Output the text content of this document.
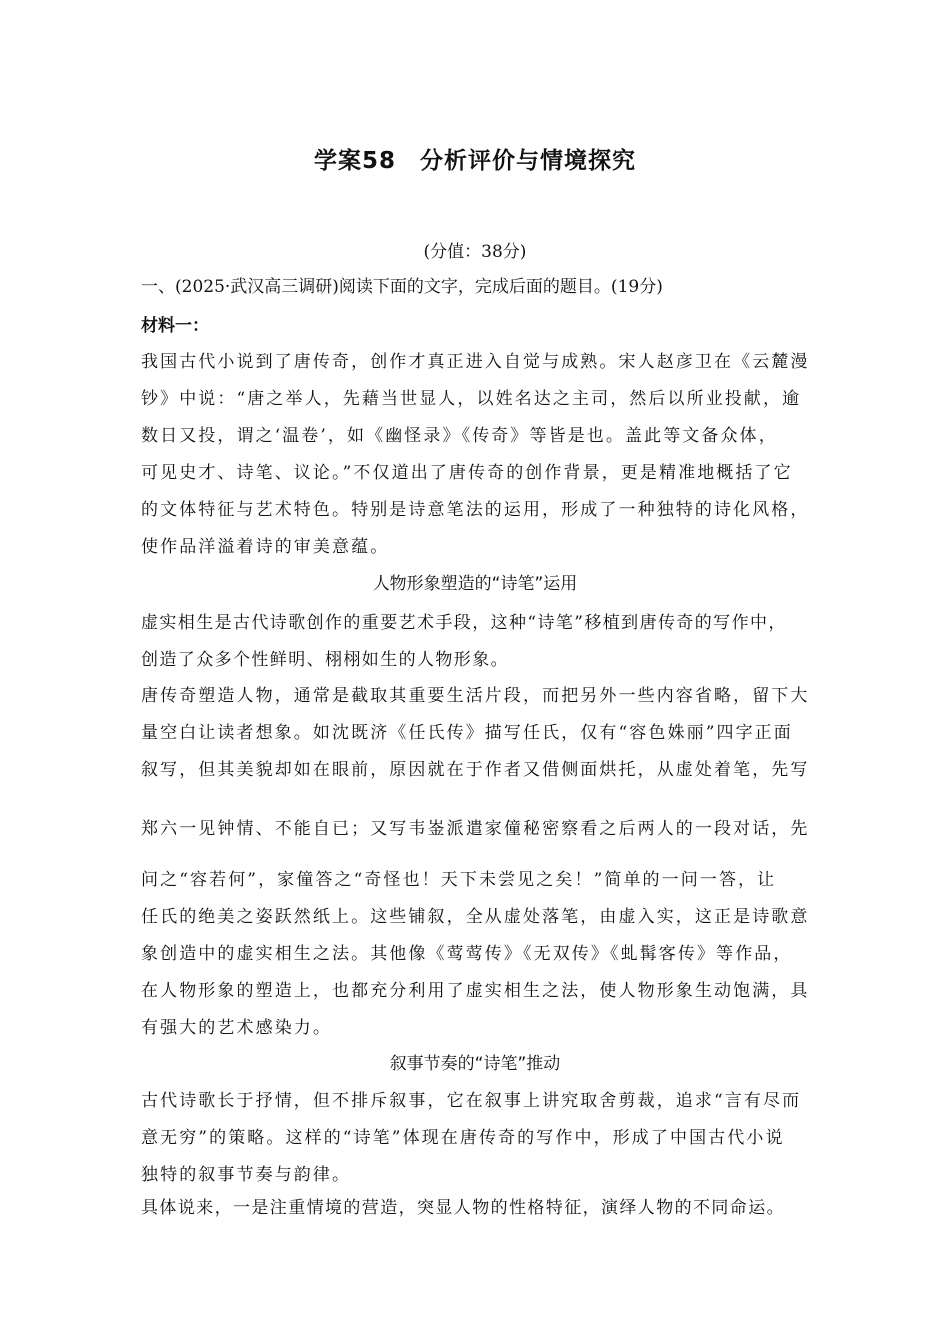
学案58　分析评价与情境探究
(分值：38分)
一、(2025·武汉高三调研)阅读下面的文字，完成后面的题目。(19分)
材料一：
我国古代小说到了唐传奇，创作才真正进入自觉与成熟。宋人赵彦卫在《云麓漫
钞》中说：“唐之举人，先藉当世显人，以姓名达之主司，然后以所业投献，逾
数日又投，谓之‘温卷’，如《幽怪录》《传奇》等皆是也。盖此等文备众体，
可见史才、诗笔、议论。”不仅道出了唐传奇的创作背景，更是精准地概括了它
的文体特征与艺术特色。特别是诗意笔法的运用，形成了一种独特的诗化风格，
使作品洋溢着诗的审美意蕴。
人物形象塑造的“诗笔”运用
虚实相生是古代诗歌创作的重要艺术手段，这种“诗笔”移植到唐传奇的写作中，
创造了众多个性鲜明、栩栩如生的人物形象。
唐传奇塑造人物，通常是截取其重要生活片段，而把另外一些内容省略，留下大
量空白让读者想象。如沈既济《任氏传》描写任氏，仅有“容色姝丽”四字正面
叙写，但其美貌却如在眼前，原因就在于作者又借侧面烘托，从虚处着笔，先写
郑六一见钟情、不能自已；又写韦崟派遣家僮秘密察看之后两人的一段对话，先
问之“容若何”，家僮答之“奇怪也！天下未尝见之矣！”简单的一问一答，让
任氏的绝美之姿跃然纸上。这些铺叙，全从虚处落笔，由虚入实，这正是诗歌意
象创造中的虚实相生之法。其他像《莺莺传》《无双传》《虬髯客传》等作品，
在人物形象的塑造上，也都充分利用了虚实相生之法，使人物形象生动饱满，具
有强大的艺术感染力。
叙事节奏的“诗笔”推动
古代诗歌长于抒情，但不排斥叙事，它在叙事上讲究取舍剪裁，追求“言有尽而
意无穷”的策略。这样的“诗笔”体现在唐传奇的写作中，形成了中国古代小说
独特的叙事节奏与韵律。
具体说来，一是注重情境的营造，突显人物的性格特征，演绎人物的不同命运。
